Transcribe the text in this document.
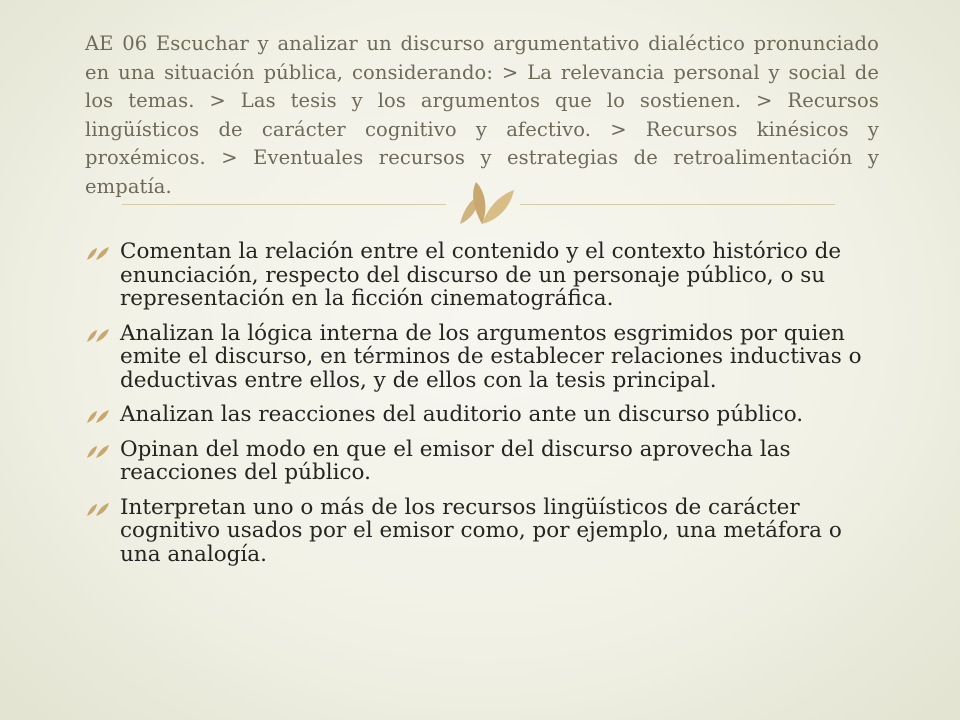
AE 06 Escuchar y analizar un discurso argumentativo dialéctico pronunciado en una situación pública, considerando: > La relevancia personal y social de los temas. > Las tesis y los argumentos que lo sostienen. > Recursos lingüísticos de carácter cognitivo y afectivo. > Recursos kinésicos y proxémicos. > Eventuales recursos y estrategias de retroalimentación y empatía.
Comentan la relación entre el contenido y el contexto histórico de enunciación, respecto del discurso de un personaje público, o su representación en la ficción cinematográfica.
Analizan la lógica interna de los argumentos esgrimidos por quien emite el discurso, en términos de establecer relaciones inductivas o deductivas entre ellos, y de ellos con la tesis principal.
Analizan las reacciones del auditorio ante un discurso público.
Opinan del modo en que el emisor del discurso aprovecha las reacciones del público.
Interpretan uno o más de los recursos lingüísticos de carácter cognitivo usados por el emisor como, por ejemplo, una metáfora o una analogía.
